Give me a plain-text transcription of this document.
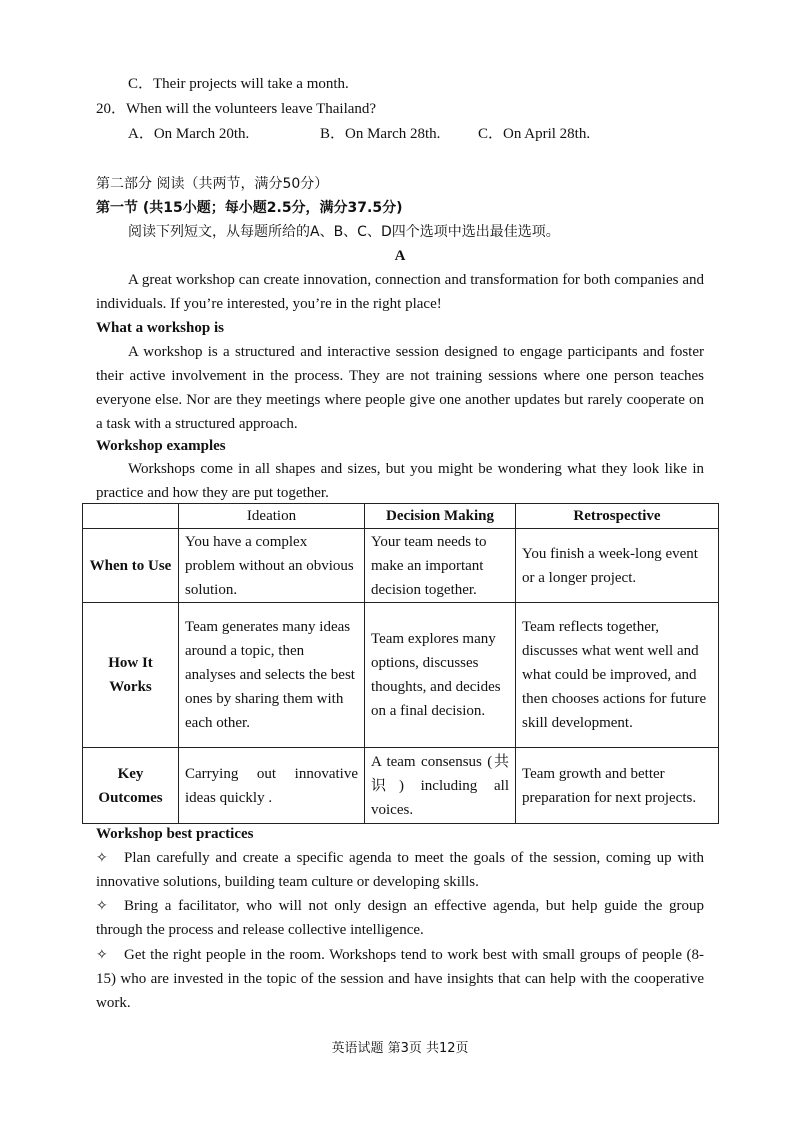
C．Their projects will take a month.
20．When will the volunteers leave Thailand?
A．On March 20th.	B．On March 28th.	C．On April 28th.
第二部分 阅读（共两节，满分50分）
第一节 (共15小题；每小题2.5分，满分37.5分)
阅读下列短文，从每题所给的A、B、C、D四个选项中选出最佳选项。
A
A great workshop can create innovation, connection and transformation for both companies and individuals. If you’re interested, you’re in the right place!
What a workshop is
A workshop is a structured and interactive session designed to engage participants and foster their active involvement in the process. They are not training sessions where one person teaches everyone else. Nor are they meetings where people give one another updates but rarely cooperate on a task with a structured approach.
Workshop examples
Workshops come in all shapes and sizes, but you might be wondering what they look like in practice and how they are put together.
	Ideation	Decision Making	Retrospective
When to Use	You have a complex problem without an obvious solution.	Your team needs to make an important decision together.	You finish a week-long event or a longer project.
How It Works	Team generates many ideas around a topic, then analyses and selects the best ones by sharing them with each other.	Team explores many options, discusses thoughts, and decides on a final decision.	Team reflects together, discusses what went well and what could be improved, and then chooses actions for future skill development.
Key Outcomes	Carrying out innovative ideas quickly .	A team consensus (共识) including all voices.	Team growth and better preparation for next projects.
Workshop best practices
✧ Plan carefully and create a specific agenda to meet the goals of the session, coming up with innovative solutions, building team culture or developing skills.
✧ Bring a facilitator, who will not only design an effective agenda, but help guide the group through the process and release collective intelligence.
✧ Get the right people in the room. Workshops tend to work best with small groups of people (8-15) who are invested in the topic of the session and have insights that can help with the cooperative work.
英语试题 第3页 共12页
